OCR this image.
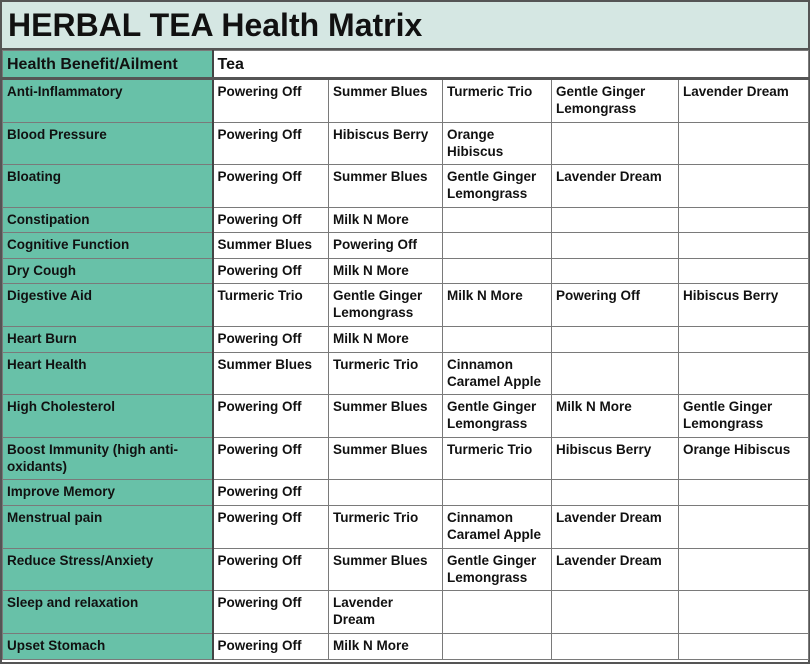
HERBAL TEA Health Matrix
Health Benefit/Ailment	Tea				
Anti-Inflammatory	Powering Off	Summer Blues	Turmeric Trio	Gentle Ginger Lemongrass	Lavender Dream
Blood Pressure	Powering Off	Hibiscus Berry	Orange Hibiscus		
Bloating	Powering Off	Summer Blues	Gentle Ginger Lemongrass	Lavender Dream	
Constipation	Powering Off	Milk N More			
Cognitive Function	Summer Blues	Powering Off			
Dry Cough	Powering Off	Milk N More			
Digestive Aid	Turmeric Trio	Gentle Ginger Lemongrass	Milk N More	Powering Off	Hibiscus Berry
Heart Burn	Powering Off	Milk N More			
Heart Health	Summer Blues	Turmeric Trio	Cinnamon Caramel Apple		
High Cholesterol	Powering Off	Summer Blues	Gentle Ginger Lemongrass	Milk N More	Gentle Ginger Lemongrass
Boost Immunity (high anti-oxidants)	Powering Off	Summer Blues	Turmeric Trio	Hibiscus Berry	Orange Hibiscus
Improve Memory	Powering Off				
Menstrual pain	Powering Off	Turmeric Trio	Cinnamon Caramel Apple	Lavender Dream	
Reduce Stress/Anxiety	Powering Off	Summer Blues	Gentle Ginger Lemongrass	Lavender Dream	
Sleep and relaxation	Powering Off	Lavender Dream			
Upset Stomach	Powering Off	Milk N More			
